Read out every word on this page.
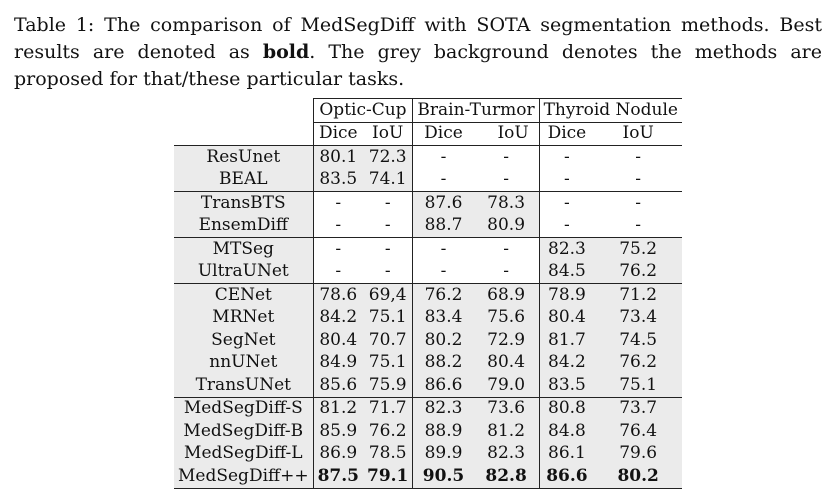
Table 1: The comparison of MedSegDiff with SOTA segmentation methods. Best results are denoted as bold. The grey background denotes the methods are proposed for that/these particular tasks.

	Optic-Cup		Brain-Turmor		Thyroid Nodule	
	Dice	IoU	Dice	IoU	Dice	IoU
ResUnet	80.1	72.3	-	-	-	-
BEAL	83.5	74.1	-	-	-	-
TransBTS	-	-	87.6	78.3	-	-
EnsemDiff	-	-	88.7	80.9	-	-
MTSeg	-	-	-	-	82.3	75.2
UltraUNet	-	-	-	-	84.5	76.2
CENet	78.6	69,4	76.2	68.9	78.9	71.2
MRNet	84.2	75.1	83.4	75.6	80.4	73.4
SegNet	80.4	70.7	80.2	72.9	81.7	74.5
nnUNet	84.9	75.1	88.2	80.4	84.2	76.2
TransUNet	85.6	75.9	86.6	79.0	83.5	75.1
MedSegDiff-S	81.2	71.7	82.3	73.6	80.8	73.7
MedSegDiff-B	85.9	76.2	88.9	81.2	84.8	76.4
MedSegDiff-L	86.9	78.5	89.9	82.3	86.1	79.6
MedSegDiff++	87.5	79.1	90.5	82.8	86.6	80.2
